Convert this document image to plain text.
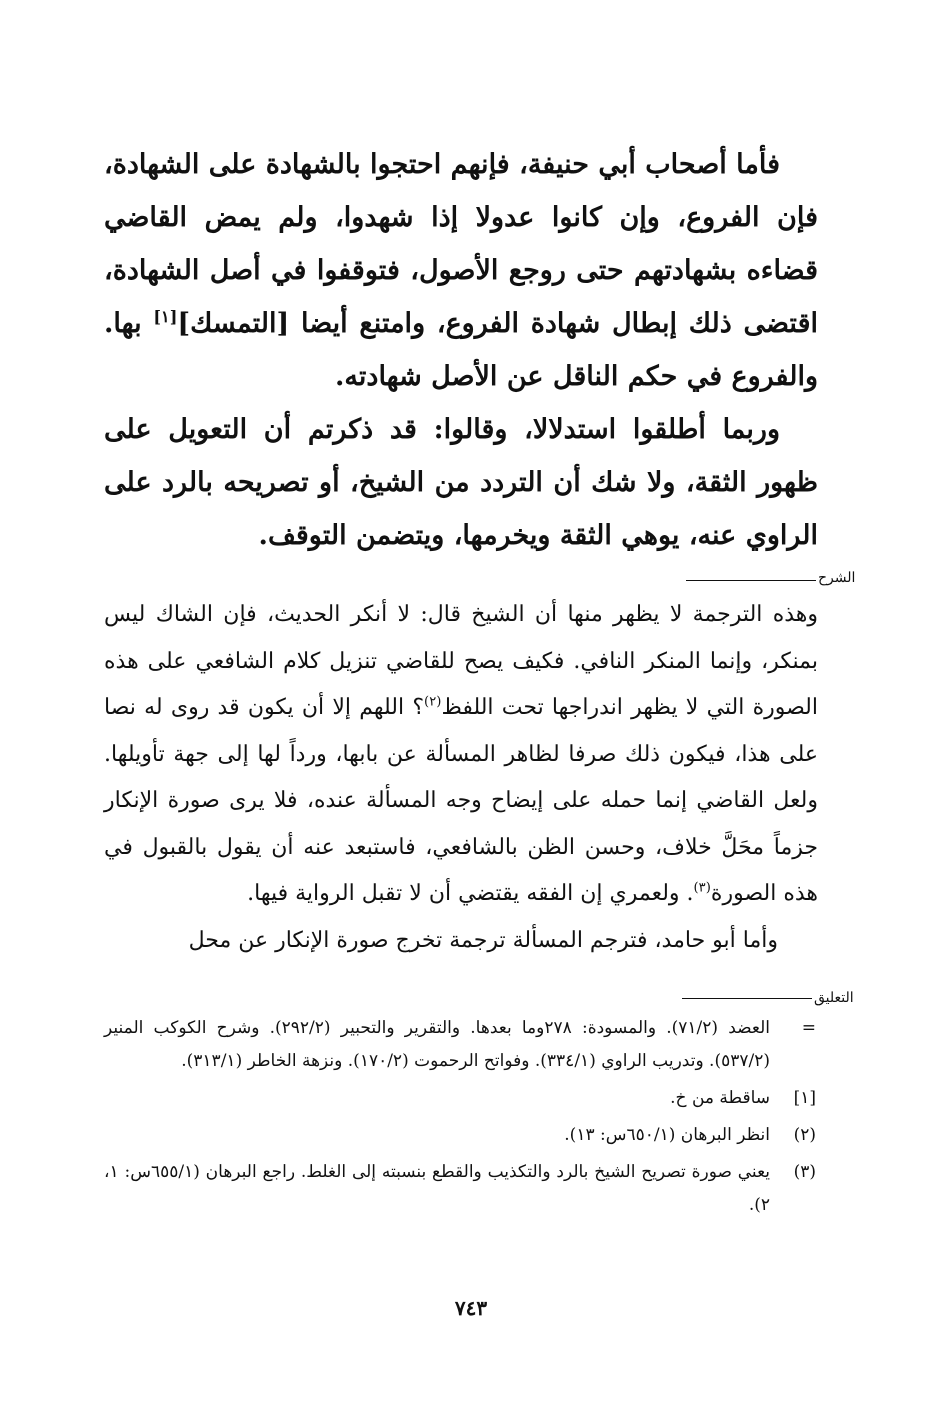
فأما أصحاب أبي حنيفة، فإنهم احتجوا بالشهادة على الشهادة، فإن الفروع، وإن كانوا عدولا إذا شهدوا، ولم يمض القاضي قضاءه بشهادتهم حتى روجع الأصول، فتوقفوا في أصل الشهادة، اقتضى ذلك إبطال شهادة الفروع، وامتنع أيضا [التمسك][١] بها. والفروع في حكم الناقل عن الأصل شهادته.

وربما أطلقوا استدلالا، وقالوا: قد ذكرتم أن التعويل على ظهور الثقة، ولا شك أن التردد من الشيخ، أو تصريحه بالرد على الراوي عنه، يوهي الثقة ويخرمها، ويتضمن التوقف.

الشرح

وهذه الترجمة لا يظهر منها أن الشيخ قال: لا أنكر الحديث، فإن الشاك ليس بمنكر، وإنما المنكر النافي. فكيف يصح للقاضي تنزيل كلام الشافعي على هذه الصورة التي لا يظهر اندراجها تحت اللفظ$^{(٢)}$؟ اللهم إلا أن يكون قد روى له نصا على هذا، فيكون ذلك صرفا لظاهر المسألة عن بابها، ورداً لها إلى جهة تأويلها. ولعل القاضي إنما حمله على إيضاح وجه المسألة عنده، فلا يرى صورة الإنكار جزماً محَلَّ خلاف، وحسن الظن بالشافعي، فاستبعد عنه أن يقول بالقبول في هذه الصورة$^{(٣)}$. ولعمري إن الفقه يقتضي أن لا تقبل الرواية فيها.

وأما أبو حامد، فترجم المسألة ترجمة تخرج صورة الإنكار عن محل

التعليق
=
العضد (٧١/٢). والمسودة: ٢٧٨وما بعدها. والتقرير والتحبير (٢٩٢/٢). وشرح الكوكب المنير (٥٣٧/٢). وتدريب الراوي (٣٣٤/١). وفواتح الرحموت (١٧٠/٢). ونزهة الخاطر (٣١٣/١).
[١]
ساقطة من خ.
(٢)
انظر البرهان (٦٥٠/١س: ١٣).
(٣)
يعني صورة تصريح الشيخ بالرد والتكذيب والقطع بنسبته إلى الغلط. راجع البرهان (٦٥٥/١س: ١، ٢).
٧٤٣
